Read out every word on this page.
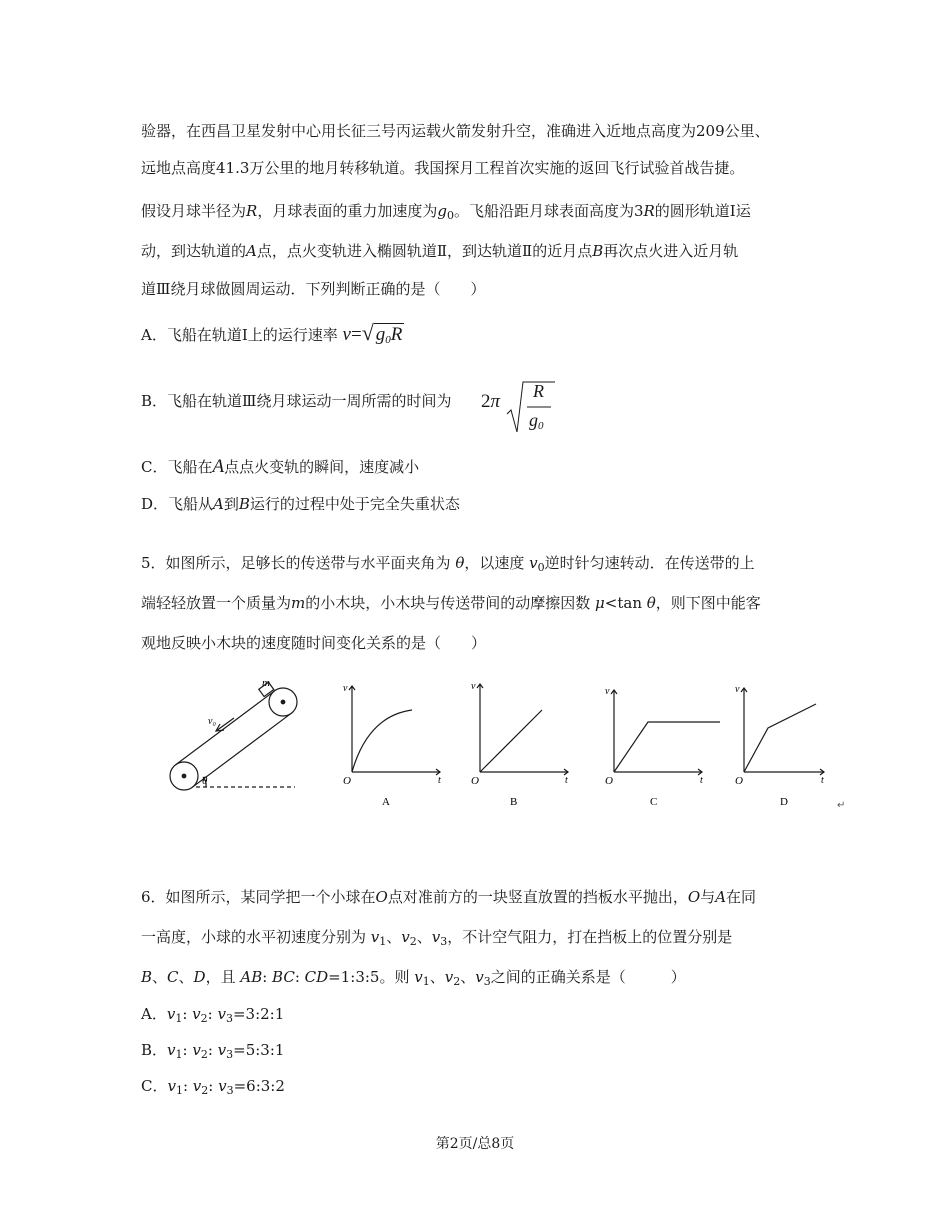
验器，在西昌卫星发射中心用长征三号丙运载火箭发射升空，准确进入近地点高度为209公里、
远地点高度41.3万公里的地月转移轨道。我国探月工程首次实施的返回飞行试验首战告捷。
假设月球半径为R，月球表面的重力加速度为$g_0$。飞船沿距月球表面高度为3R的圆形轨道Ⅰ运
动，到达轨道的A点，点火变轨进入椭圆轨道Ⅱ，到达轨道Ⅱ的近月点B再次点火进入近月轨
道Ⅲ绕月球做圆周运动．下列判断正确的是（　　）
A．飞船在轨道Ⅰ上的运行速率 v=√ $g_0R$
B．飞船在轨道Ⅲ绕月球运动一周所需的时间为 2π R
$g_0$
C．飞船在A点点火变轨的瞬间，速度减小
D．飞船从A到B运行的过程中处于完全失重状态
5．如图所示，足够长的传送带与水平面夹角为 θ，以速度 $v_0$逆时针匀速转动．在传送带的上
端轻轻放置一个质量为m的小木块，小木块与传送带间的动摩擦因数 μ<tan θ，则下图中能客
观地反映小木块的速度随时间变化关系的是（　　）
m
v₀
θ
v
O	t
A
v
O	t
B
v
O	t
C
v
O	t
D	↵
6．如图所示，某同学把一个小球在O点对准前方的一块竖直放置的挡板水平抛出，O与A在同
一高度，小球的水平初速度分别为 $v_1$、$v_2$、$v_3$，不计空气阻力，打在挡板上的位置分别是
B、C、D，且 AB: BC: CD=1:3:5。则 $v_1$、$v_2$、$v_3$之间的正确关系是（　　　）
A．$v_1$: $v_2$: $v_3=3:2:1$
B．$v_1$: $v_2$: $v_3=5:3:1$
C．$v_1$: $v_2$: $v_3=6:3:2$
第2页/总8页
